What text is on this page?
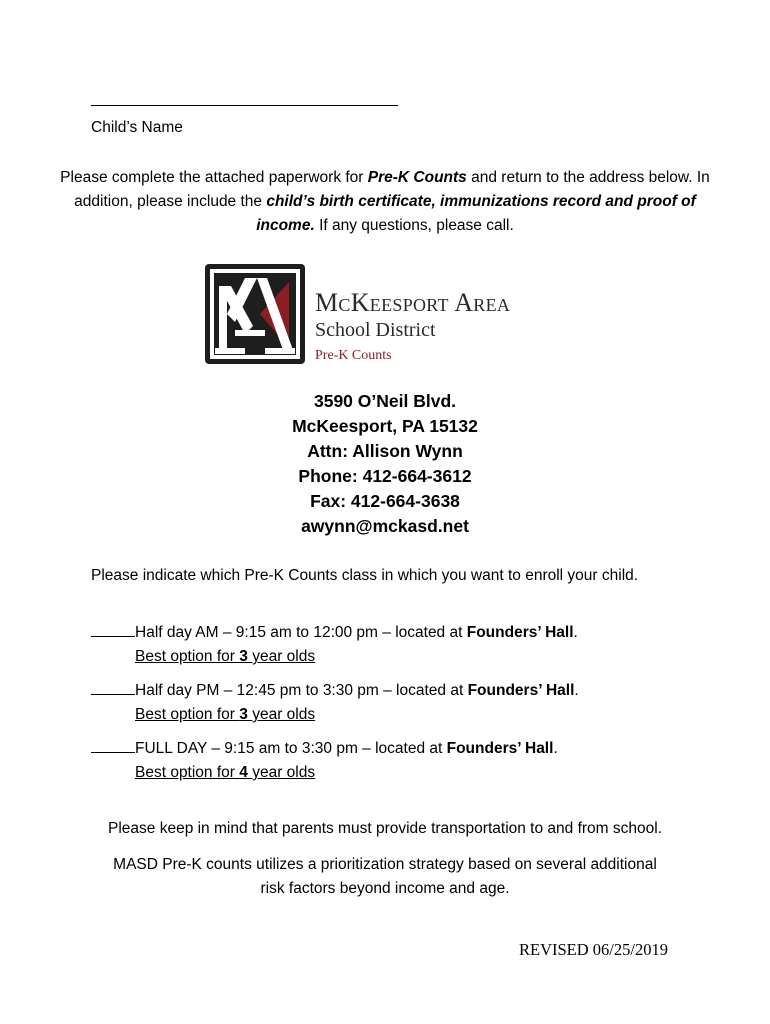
Child’s Name
Please complete the attached paperwork for Pre-K Counts and return to the address below. In addition, please include the child’s birth certificate, immunizations record and proof of income. If any questions, please call.
McKeesport Area
School District
Pre-K Counts
3590 O’Neil Blvd.
McKeesport, PA 15132
Attn: Allison Wynn
Phone: 412-664-3612
Fax: 412-664-3638
awynn@mckasd.net
Please indicate which Pre-K Counts class in which you want to enroll your child.
Half day AM – 9:15 am to 12:00 pm – located at Founders’ Hall.
Best option for 3 year olds
Half day PM – 12:45 pm to 3:30 pm – located at Founders’ Hall.
Best option for 3 year olds
FULL DAY – 9:15 am to 3:30 pm – located at Founders’ Hall.
Best option for 4 year olds
Please keep in mind that parents must provide transportation to and from school.
MASD Pre-K counts utilizes a prioritization strategy based on several additional
risk factors beyond income and age.
REVISED 06/25/2019
